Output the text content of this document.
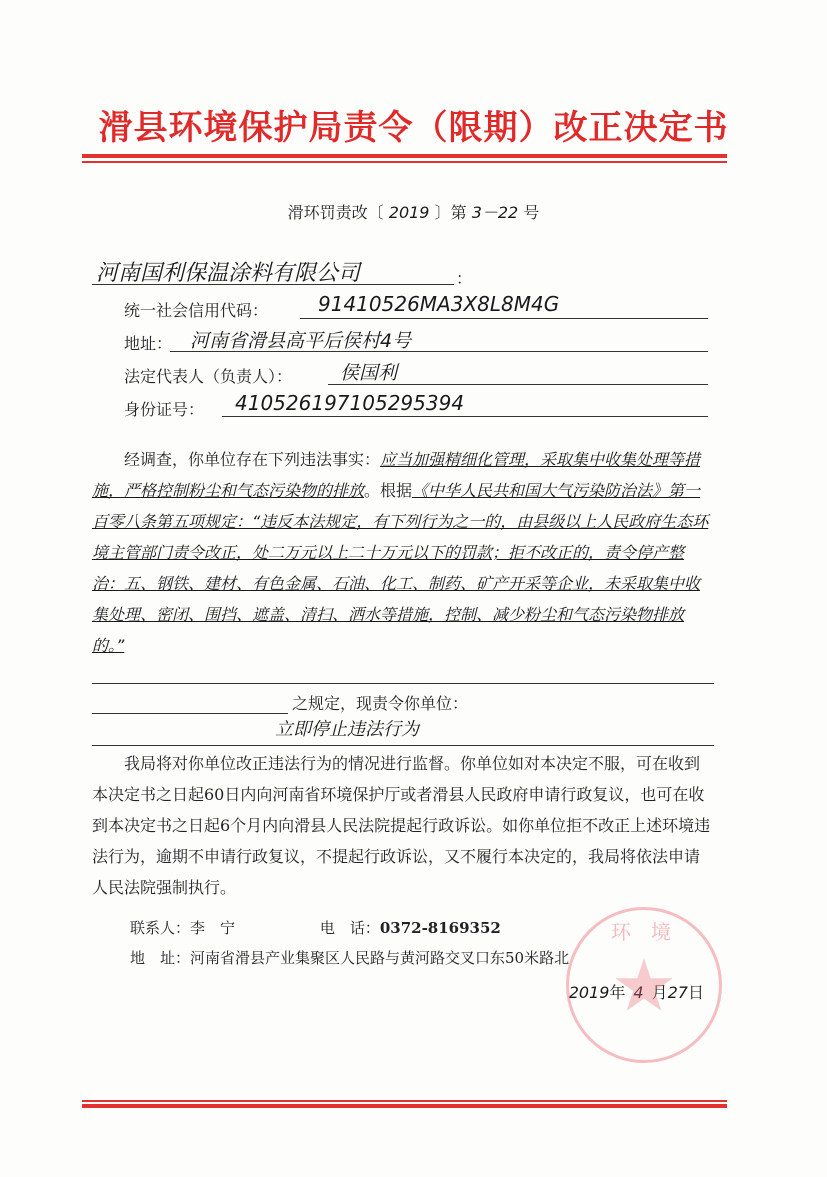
滑县环境保护局责令（限期）改正决定书
滑环罚责改〔 2019 〕第 3－22 号
河南国利保温涂料有限公司	：
统一社会信用代码： 91410526MA3X8L8M4G
地址： 河南省滑县高平后侯村4号
法定代表人（负责人）：	侯国利
身份证号： 410526197105295394
经调查，你单位存在下列违法事实：应当加强精细化管理，采取集中收集处理等措施，严格控制粉尘和气态污染物的排放。根据《中华人民共和国大气污染防治法》第一百零八条第五项规定：“违反本法规定，有下列行为之一的，由县级以上人民政府生态环境主管部门责令改正，处二万元以上二十万元以下的罚款；拒不改正的，责令停产整治：五、钢铁、建材、有色金属、石油、化工、制药、矿产开采等企业，未采取集中收集处理、密闭、围挡、遮盖、清扫、洒水等措施，控制、减少粉尘和气态污染物排放的。”
之规定，现责令你单位：
立即停止违法行为
我局将对你单位改正违法行为的情况进行监督。你单位如对本决定不服，可在收到本决定书之日起60日内向河南省环境保护厅或者滑县人民政府申请行政复议，也可在收到本决定书之日起6个月内向滑县人民法院提起行政诉讼。如你单位拒不改正上述环境违法行为，逾期不申请行政复议，不提起行政诉讼，又不履行本决定的，我局将依法申请人民法院强制执行。
环　境
联系人：李　宁	电　话：0372-8169352
地　址：河南省滑县产业集聚区人民路与黄河路交叉口东50米路北
2019年 4 月27日
